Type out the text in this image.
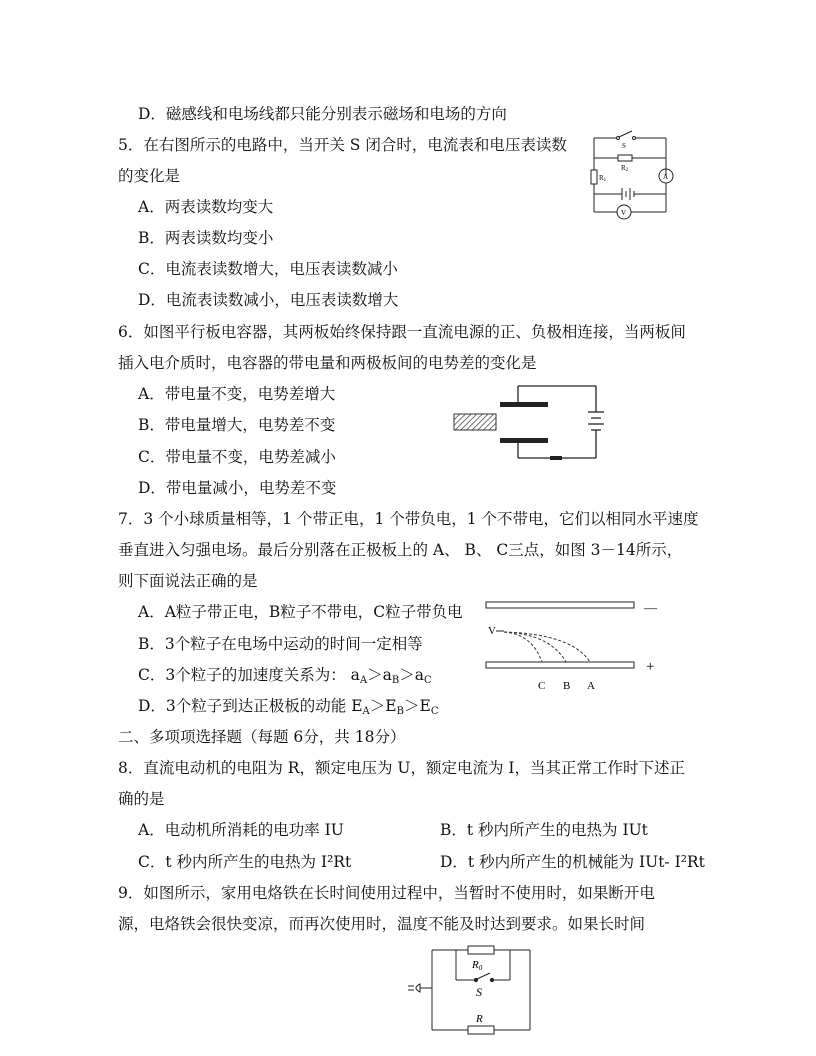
D．磁感线和电场线都只能分别表示磁场和电场的方向
5．在右图所示的电路中，当开关 S 闭合时，电流表和电压表读数
的变化是
A．两表读数均变大
B．两表读数均变小
C．电流表读数增大，电压表读数减小
D．电流表读数减小，电压表读数增大
S
R2
R1	A
V
6．如图平行板电容器，其两板始终保持跟一直流电源的正、负极相连接，当两板间
插入电介质时，电容器的带电量和两极板间的电势差的变化是
A．带电量不变，电势差增大
B．带电量增大，电势差不变
C．带电量不变，电势差减小
D．带电量减小，电势差不变
7．3 个小球质量相等，1 个带正电，1 个带负电，1 个不带电，它们以相同水平速度
垂直进入匀强电场。最后分别落在正极板上的 A、 B、 C三点，如图 3－14所示，
则下面说法正确的是
A．A粒子带正电，B粒子不带电，C粒子带负电
B．3个粒子在电场中运动的时间一定相等
C．3个粒子的加速度关系为： $a_A>a_B>a_C$
D．3个粒子到达正极板的动能 $E_A>E_B>E_C$
—
+
V
C B A
二、多项项选择题（每题 6分，共 18分）
8．直流电动机的电阻为 R，额定电压为 U，额定电流为 I，当其正常工作时下述正
确的是
A．电动机所消耗的电功率 IU	B．t 秒内所产生的电热为 IUt
C．t 秒内所产生的电热为 I²Rt	D．t 秒内所产生的机械能为 IUt- I²Rt
9．如图所示，家用电烙铁在长时间使用过程中，当暂时不使用时，如果断开电
源，电烙铁会很快变凉，而再次使用时，温度不能及时达到要求。如果长时间
R0
S
R
